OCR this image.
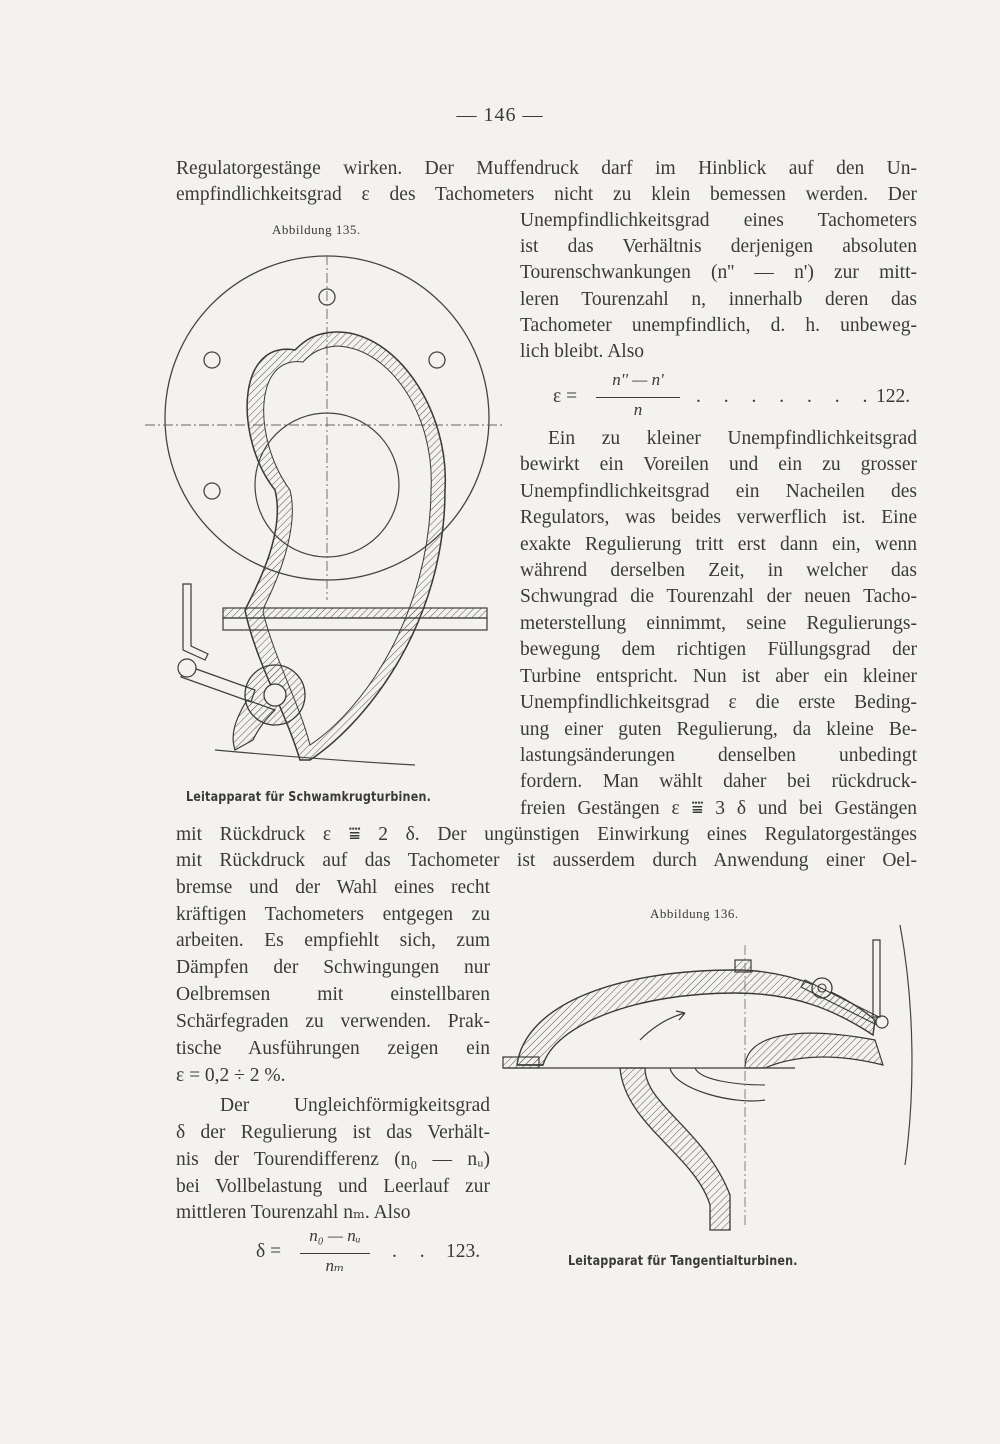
— 146 —
Regulatorgestänge wirken. Der Muffendruck darf im Hinblick auf den Un-
empfindlichkeitsgrad ε des Tachometers nicht zu klein bemessen werden. Der
Unempfindlichkeitsgrad eines Tachometers
ist das Verhältnis derjenigen absoluten
Tourenschwankungen (n'' — n') zur mitt-
leren Tourenzahl n, innerhalb deren das
Tachometer unempfindlich, d. h. unbeweg-
lich bleibt. Also
ε =
n'' — n'
n
. . . . . . . 122.
Ein zu kleiner Unempfindlichkeitsgrad
bewirkt ein Voreilen und ein zu grosser
Unempfindlichkeitsgrad ein Nacheilen des
Regulators, was beides verwerflich ist. Eine
exakte Regulierung tritt erst dann ein, wenn
während derselben Zeit, in welcher das
Schwungrad die Tourenzahl der neuen Tacho-
meterstellung einnimmt, seine Regulierungs-
bewegung dem richtigen Füllungsgrad der
Turbine entspricht. Nun ist aber ein kleiner
Unempfindlichkeitsgrad ε die erste Beding-
ung einer guten Regulierung, da kleine Be-
lastungsänderungen denselben unbedingt
fordern. Man wählt daher bei rückdruck-
freien Gestängen ε ⩸ 3 δ und bei Gestängen
mit Rückdruck ε ⩸ 2 δ. Der ungünstigen Einwirkung eines Regulatorgestänges
mit Rückdruck auf das Tachometer ist ausserdem durch Anwendung einer Oel-
bremse und der Wahl eines recht
kräftigen Tachometers entgegen zu
arbeiten. Es empfiehlt sich, zum
Dämpfen der Schwingungen nur
Oelbremsen mit einstellbaren
Schärfegraden zu verwenden. Prak-
tische Ausführungen zeigen ein
ε = 0,2 ÷ 2 %.
Der Ungleichförmigkeitsgrad
δ der Regulierung ist das Verhält-
nis der Tourendifferenz (n₀ — nᵤ)
bei Vollbelastung und Leerlauf zur
mittleren Tourenzahl nₘ. Also
δ =
n₀ — nᵤ
nₘ
. . 123.
Abbildung 135.
Leitapparat für Schwamkrugturbinen.
Abbildung 136.
Leitapparat für Tangentialturbinen.
